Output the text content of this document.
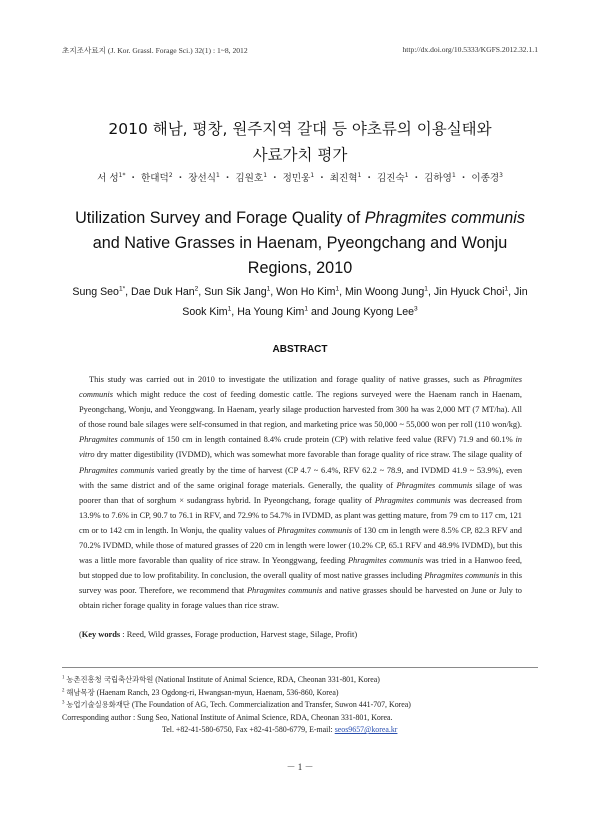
초지조사료지 (J. Kor. Grassl. Forage Sci.) 32(1) : 1~8, 2012	http://dx.doi.org/10.5333/KGFS.2012.32.1.1
2010 해남, 평창, 원주지역 갈대 등 야초류의 이용실태와
사료가치 평가
서 성$^{1*}$ ・ 한대덕$^2$ ・ 장선식$^1$ ・ 김원호$^1$ ・ 정민웅$^1$ ・ 최진혁$^1$ ・ 김진숙$^1$ ・ 김하영$^1$ ・ 이종경$^3$
Utilization Survey and Forage Quality of Phragmites communis
and Native Grasses in Haenam, Pyeongchang and Wonju
Regions, 2010
Sung Seo$^{1*}$, Dae Duk Han$^2$, Sun Sik Jang$^1$, Won Ho Kim$^1$, Min Woong Jung$^1$, Jin Hyuck Choi$^1$, Jin Sook Kim$^1$, Ha Young Kim$^1$ and Joung Kyong Lee$^3$
ABSTRACT
This study was carried out in 2010 to investigate the utilization and forage quality of native grasses, such as Phragmites communis which might reduce the cost of feeding domestic cattle. The regions surveyed were the Haenam ranch in Haenam, Pyeongchang, Wonju, and Yeonggwang. In Haenam, yearly silage production harvested from 300 ha was 2,000 MT (7 MT/ha). All of those round bale silages were self-consumed in that region, and marketing price was 50,000 ~ 55,000 won per roll (110 won/kg). Phragmites communis of 150 cm in length contained 8.4% crude protein (CP) with relative feed value (RFV) 71.9 and 60.1% in vitro dry matter digestibility (IVDMD), which was somewhat more favorable than forage quality of rice straw. The silage quality of Phragmites communis varied greatly by the time of harvest (CP 4.7 ~ 6.4%, RFV 62.2 ~ 78.9, and IVDMD 41.9 ~ 53.9%), even with the same district and of the same original forage materials. Generally, the quality of Phragmites communis silage of was poorer than that of sorghum × sudangrass hybrid. In Pyeongchang, forage quality of Phragmites communis was decreased from 13.9% to 7.6% in CP, 90.7 to 76.1 in RFV, and 72.9% to 54.7% in IVDMD, as plant was getting mature, from 79 cm to 117 cm, 121 cm or to 142 cm in length. In Wonju, the quality values of Phragmites communis of 130 cm in length were 8.5% CP, 82.3 RFV and 70.2% IVDMD, while those of matured grasses of 220 cm in length were lower (10.2% CP, 65.1 RFV and 48.9% IVDMD), but this was a little more favorable than quality of rice straw. In Yeonggwang, feeding Phragmites communis was tried in a Hanwoo feed, but stopped due to low profitability. In conclusion, the overall quality of most native grasses including Phragmites communis in this survey was poor. Therefore, we recommend that Phragmites communis and native grasses should be harvested on June or July to obtain richer forage quality in forage values than rice straw.
(Key words : Reed, Wild grasses, Forage production, Harvest stage, Silage, Profit)
$^1$ 농촌진흥청 국립축산과학원 (National Institute of Animal Science, RDA, Cheonan 331-801, Korea)
$^2$ 해남목장 (Haenam Ranch, 23 Ogdong-ri, Hwangsan-myun, Haenam, 536-860, Korea)
$^3$ 농업기술실용화재단 (The Foundation of AG, Tech. Commercialization and Transfer, Suwon 441-707, Korea)
Corresponding author : Sung Seo, National Institute of Animal Science, RDA, Cheonan 331-801, Korea.
Tel. +82-41-580-6750, Fax +82-41-580-6779, E-mail: seos9657@korea.kr
－ 1 －
